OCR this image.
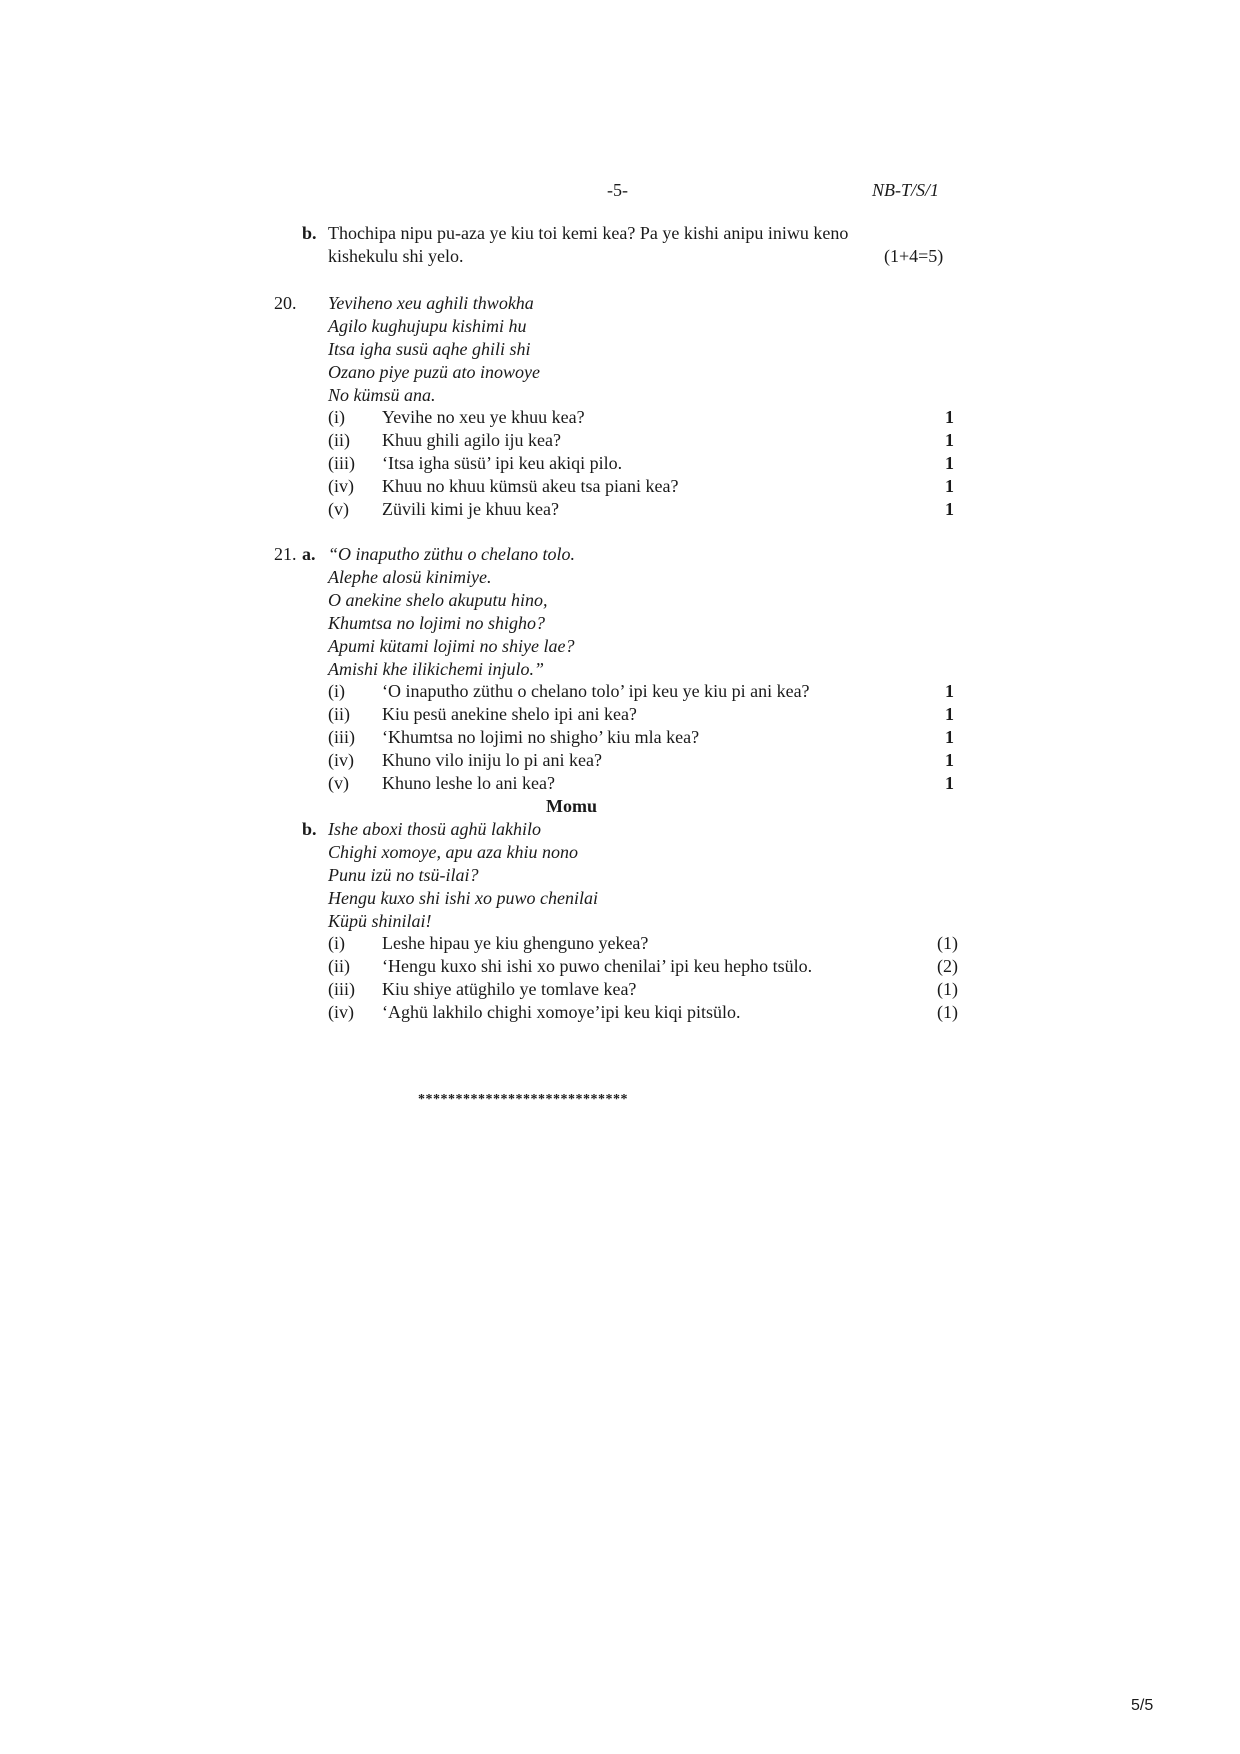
-5-	NB-T/S/1
b. Thochipa nipu pu-aza ye kiu toi kemi kea? Pa ye kishi anipu iniwu keno
kishekulu shi yelo.	(1+4=5)
20. Yeviheno xeu aghili thwokha
Agilo kughujupu kishimi hu
Itsa igha susü aqhe ghili shi
Ozano piye puzü ato inowoye
No kümsü ana.
(i) Yevihe no xeu ye khuu kea?	1
(ii) Khuu ghili agilo iju kea?	1
(iii) ‘Itsa igha süsü’ ipi keu akiqi pilo.	1
(iv) Khuu no khuu kümsü akeu tsa piani kea?	1
(v) Züvili kimi je khuu kea?	1
21. a. “O inaputho züthu o chelano tolo.
Alephe alosü kinimiye.
O anekine shelo akuputu hino,
Khumtsa no lojimi no shigho?
Apumi kütami lojimi no shiye lae?
Amishi khe ilikichemi injulo.”
(i) ‘O inaputho züthu o chelano tolo’ ipi keu ye kiu pi ani kea?	1
(ii) Kiu pesü anekine shelo ipi ani kea?	1
(iii) ‘Khumtsa no lojimi no shigho’ kiu mla kea?	1
(iv) Khuno vilo iniju lo pi ani kea?	1
(v) Khuno leshe lo ani kea?	1
Momu
b. Ishe aboxi thosü aghü lakhilo
Chighi xomoye, apu aza khiu nono
Punu izü no tsü-ilai?
Hengu kuxo shi ishi xo puwo chenilai
Küpü shinilai!
(i) Leshe hipau ye kiu ghenguno yekea?	(1)
(ii) ‘Hengu kuxo shi ishi xo puwo chenilai’ ipi keu hepho tsülo.	(2)
(iii) Kiu shiye atüghilo ye tomlave kea?	(1)
(iv) ‘Aghü lakhilo chighi xomoye’ipi keu kiqi pitsülo.	(1)
****************************
5/5
